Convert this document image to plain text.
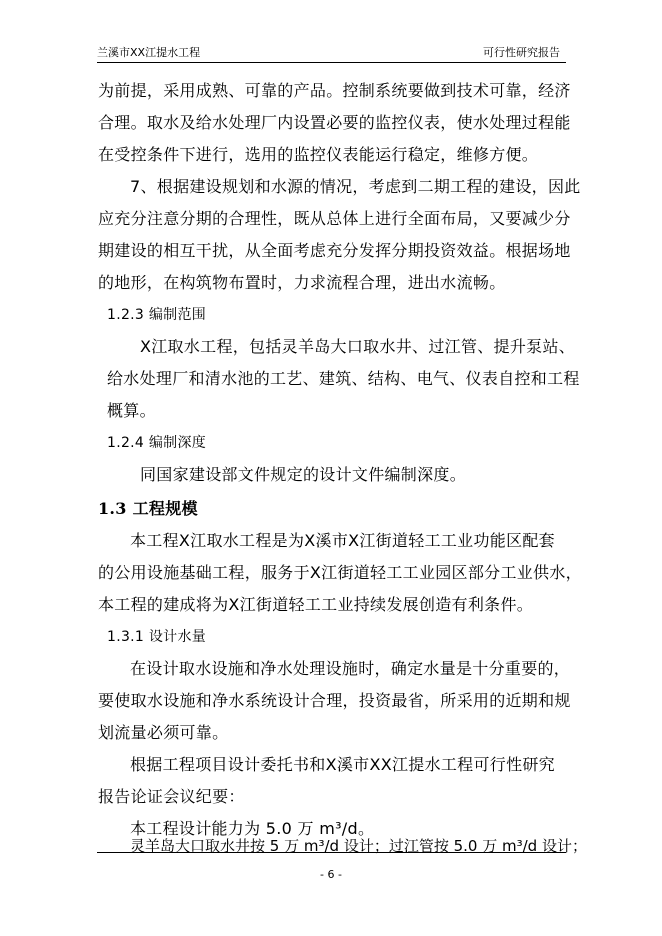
兰溪市XX江提水工程	可行性研究报告
为前提，采用成熟、可靠的产品。控制系统要做到技术可靠，经济
合理。取水及给水处理厂内设置必要的监控仪表，使水处理过程能
在受控条件下进行，选用的监控仪表能运行稳定，维修方便。
7、根据建设规划和水源的情况，考虑到二期工程的建设，因此
应充分注意分期的合理性，既从总体上进行全面布局，又要减少分
期建设的相互干扰，从全面考虑充分发挥分期投资效益。根据场地
的地形，在构筑物布置时，力求流程合理，进出水流畅。
1.2.3 编制范围
X江取水工程，包括灵羊岛大口取水井、过江管、提升泵站、
给水处理厂和清水池的工艺、建筑、结构、电气、仪表自控和工程
概算。
1.2.4 编制深度
同国家建设部文件规定的设计文件编制深度。
1.3 工程规模
本工程X江取水工程是为X溪市X江街道轻工工业功能区配套
的公用设施基础工程，服务于X江街道轻工工业园区部分工业供水，
本工程的建成将为X江街道轻工工业持续发展创造有利条件。
1.3.1 设计水量
在设计取水设施和净水处理设施时，确定水量是十分重要的，
要使取水设施和净水系统设计合理，投资最省，所采用的近期和规
划流量必须可靠。
根据工程项目设计委托书和X溪市XX江提水工程可行性研究
报告论证会议纪要：
本工程设计能力为 5.0 万 m³/d。
灵羊岛大口取水井按 5 万 m³/d 设计；过江管按 5.0 万 m³/d 设计；
- 6 -
